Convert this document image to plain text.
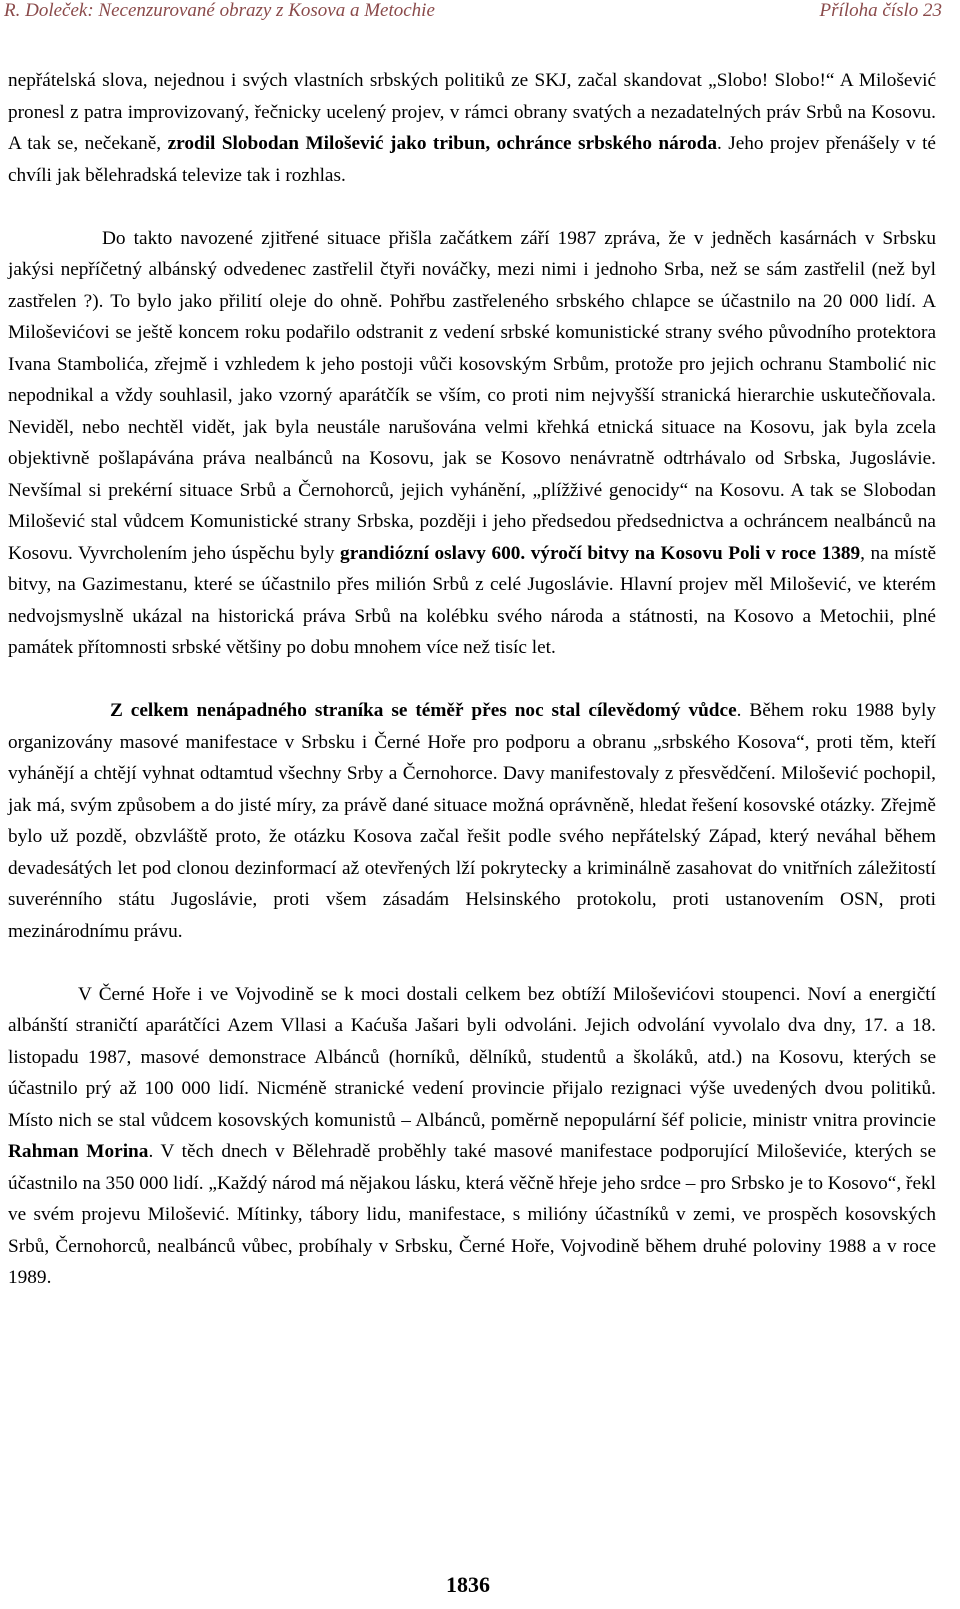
R. Doleček: Necenzurované obrazy z Kosova a Metochie	Příloha číslo 23

nepřátelská slova, nejednou i svých vlastních srbských politiků ze SKJ, začal skandovat „Slobo! Slobo!“ A Milošević pronesl z patra improvizovaný, řečnicky ucelený projev, v rámci obrany svatých a nezadatelných práv Srbů na Kosovu. A tak se, nečekaně, zrodil Slobodan Milošević jako tribun, ochránce srbského národa. Jeho projev přenášely v té chvíli jak bělehradská televize tak i rozhlas.

Do takto navozené zjitřené situace přišla začátkem září 1987 zpráva, že v jedněch kasárnách v Srbsku jakýsi nepříčetný albánský odvedenec zastřelil čtyři nováčky, mezi nimi i jednoho Srba, než se sám zastřelil (než byl zastřelen ?). To bylo jako přilití oleje do ohně. Pohřbu zastřeleného srbského chlapce se účastnilo na 20 000 lidí. A Miloševićovi se ještě koncem roku podařilo odstranit z vedení srbské komunistické strany svého původního protektora Ivana Stambolića, zřejmě i vzhledem k jeho postoji vůči kosovským Srbům, protože pro jejich ochranu Stambolić nic nepodnikal a vždy souhlasil, jako vzorný aparátčík se vším, co proti nim nejvyšší stranická hierarchie uskutečňovala. Neviděl, nebo nechtěl vidět, jak byla neustále narušována velmi křehká etnická situace na Kosovu, jak byla zcela objektivně pošlapávána práva nealbánců na Kosovu, jak se Kosovo nenávratně odtrhávalo od Srbska, Jugoslávie. Nevšímal si prekérní situace Srbů a Černohorců, jejich vyhánění, „plížživé genocidy“ na Kosovu. A tak se Slobodan Milošević stal vůdcem Komunistické strany Srbska, později i jeho předsedou předsednictva a ochráncem nealbánců na Kosovu. Vyvrcholením jeho úspěchu byly grandiózní oslavy 600. výročí bitvy na Kosovu Poli v roce 1389, na místě bitvy, na Gazimestanu, které se účastnilo přes milión Srbů z celé Jugoslávie. Hlavní projev měl Milošević, ve kterém nedvojsmyslně ukázal na historická práva Srbů na kolébku svého národa a státnosti, na Kosovo a Metochii, plné památek přítomnosti srbské většiny po dobu mnohem více než tisíc let.

Z celkem nenápadného straníka se téměř přes noc stal cílevědomý vůdce. Během roku 1988 byly organizovány masové manifestace v Srbsku i Černé Hoře pro podporu a obranu „srbského Kosova“, proti těm, kteří vyhánějí a chtějí vyhnat odtamtud všechny Srby a Černohorce. Davy manifestovaly z přesvědčení. Milošević pochopil, jak má, svým způsobem a do jisté míry, za právě dané situace možná oprávněně, hledat řešení kosovské otázky. Zřejmě bylo už pozdě, obzvláště proto, že otázku Kosova začal řešit podle svého nepřátelský Západ, který neváhal během devadesátých let pod clonou dezinformací až otevřených lží pokrytecky a kriminálně zasahovat do vnitřních záležitostí suverénního státu Jugoslávie, proti všem zásadám Helsinského protokolu, proti ustanovením OSN, proti mezinárodnímu právu.

V Černé Hoře i ve Vojvodině se k moci dostali celkem bez obtíží Miloševićovi stoupenci. Noví a energičtí albánští straničtí aparátčíci Azem Vllasi a Kaćuša Jašari byli odvoláni. Jejich odvolání vyvolalo dva dny, 17. a 18. listopadu 1987, masové demonstrace Albánců (horníků, dělníků, studentů a školáků, atd.) na Kosovu, kterých se účastnilo prý až 100 000 lidí. Nicméně stranické vedení provincie přijalo rezignaci výše uvedených dvou politiků. Místo nich se stal vůdcem kosovských komunistů – Albánců, poměrně nepopulární šéf policie, ministr vnitra provincie Rahman Morina. V těch dnech v Bělehradě proběhly také masové manifestace podporující Miloševiće, kterých se účastnilo na 350 000 lidí. „Každý národ má nějakou lásku, která věčně hřeje jeho srdce – pro Srbsko je to Kosovo“, řekl ve svém projevu Milošević. Mítinky, tábory lidu, manifestace, s milióny účastníků v zemi, ve prospěch kosovských Srbů, Černohorců, nealbánců vůbec, probíhaly v Srbsku, Černé Hoře, Vojvodině během druhé poloviny 1988 a v roce 1989.

1836
